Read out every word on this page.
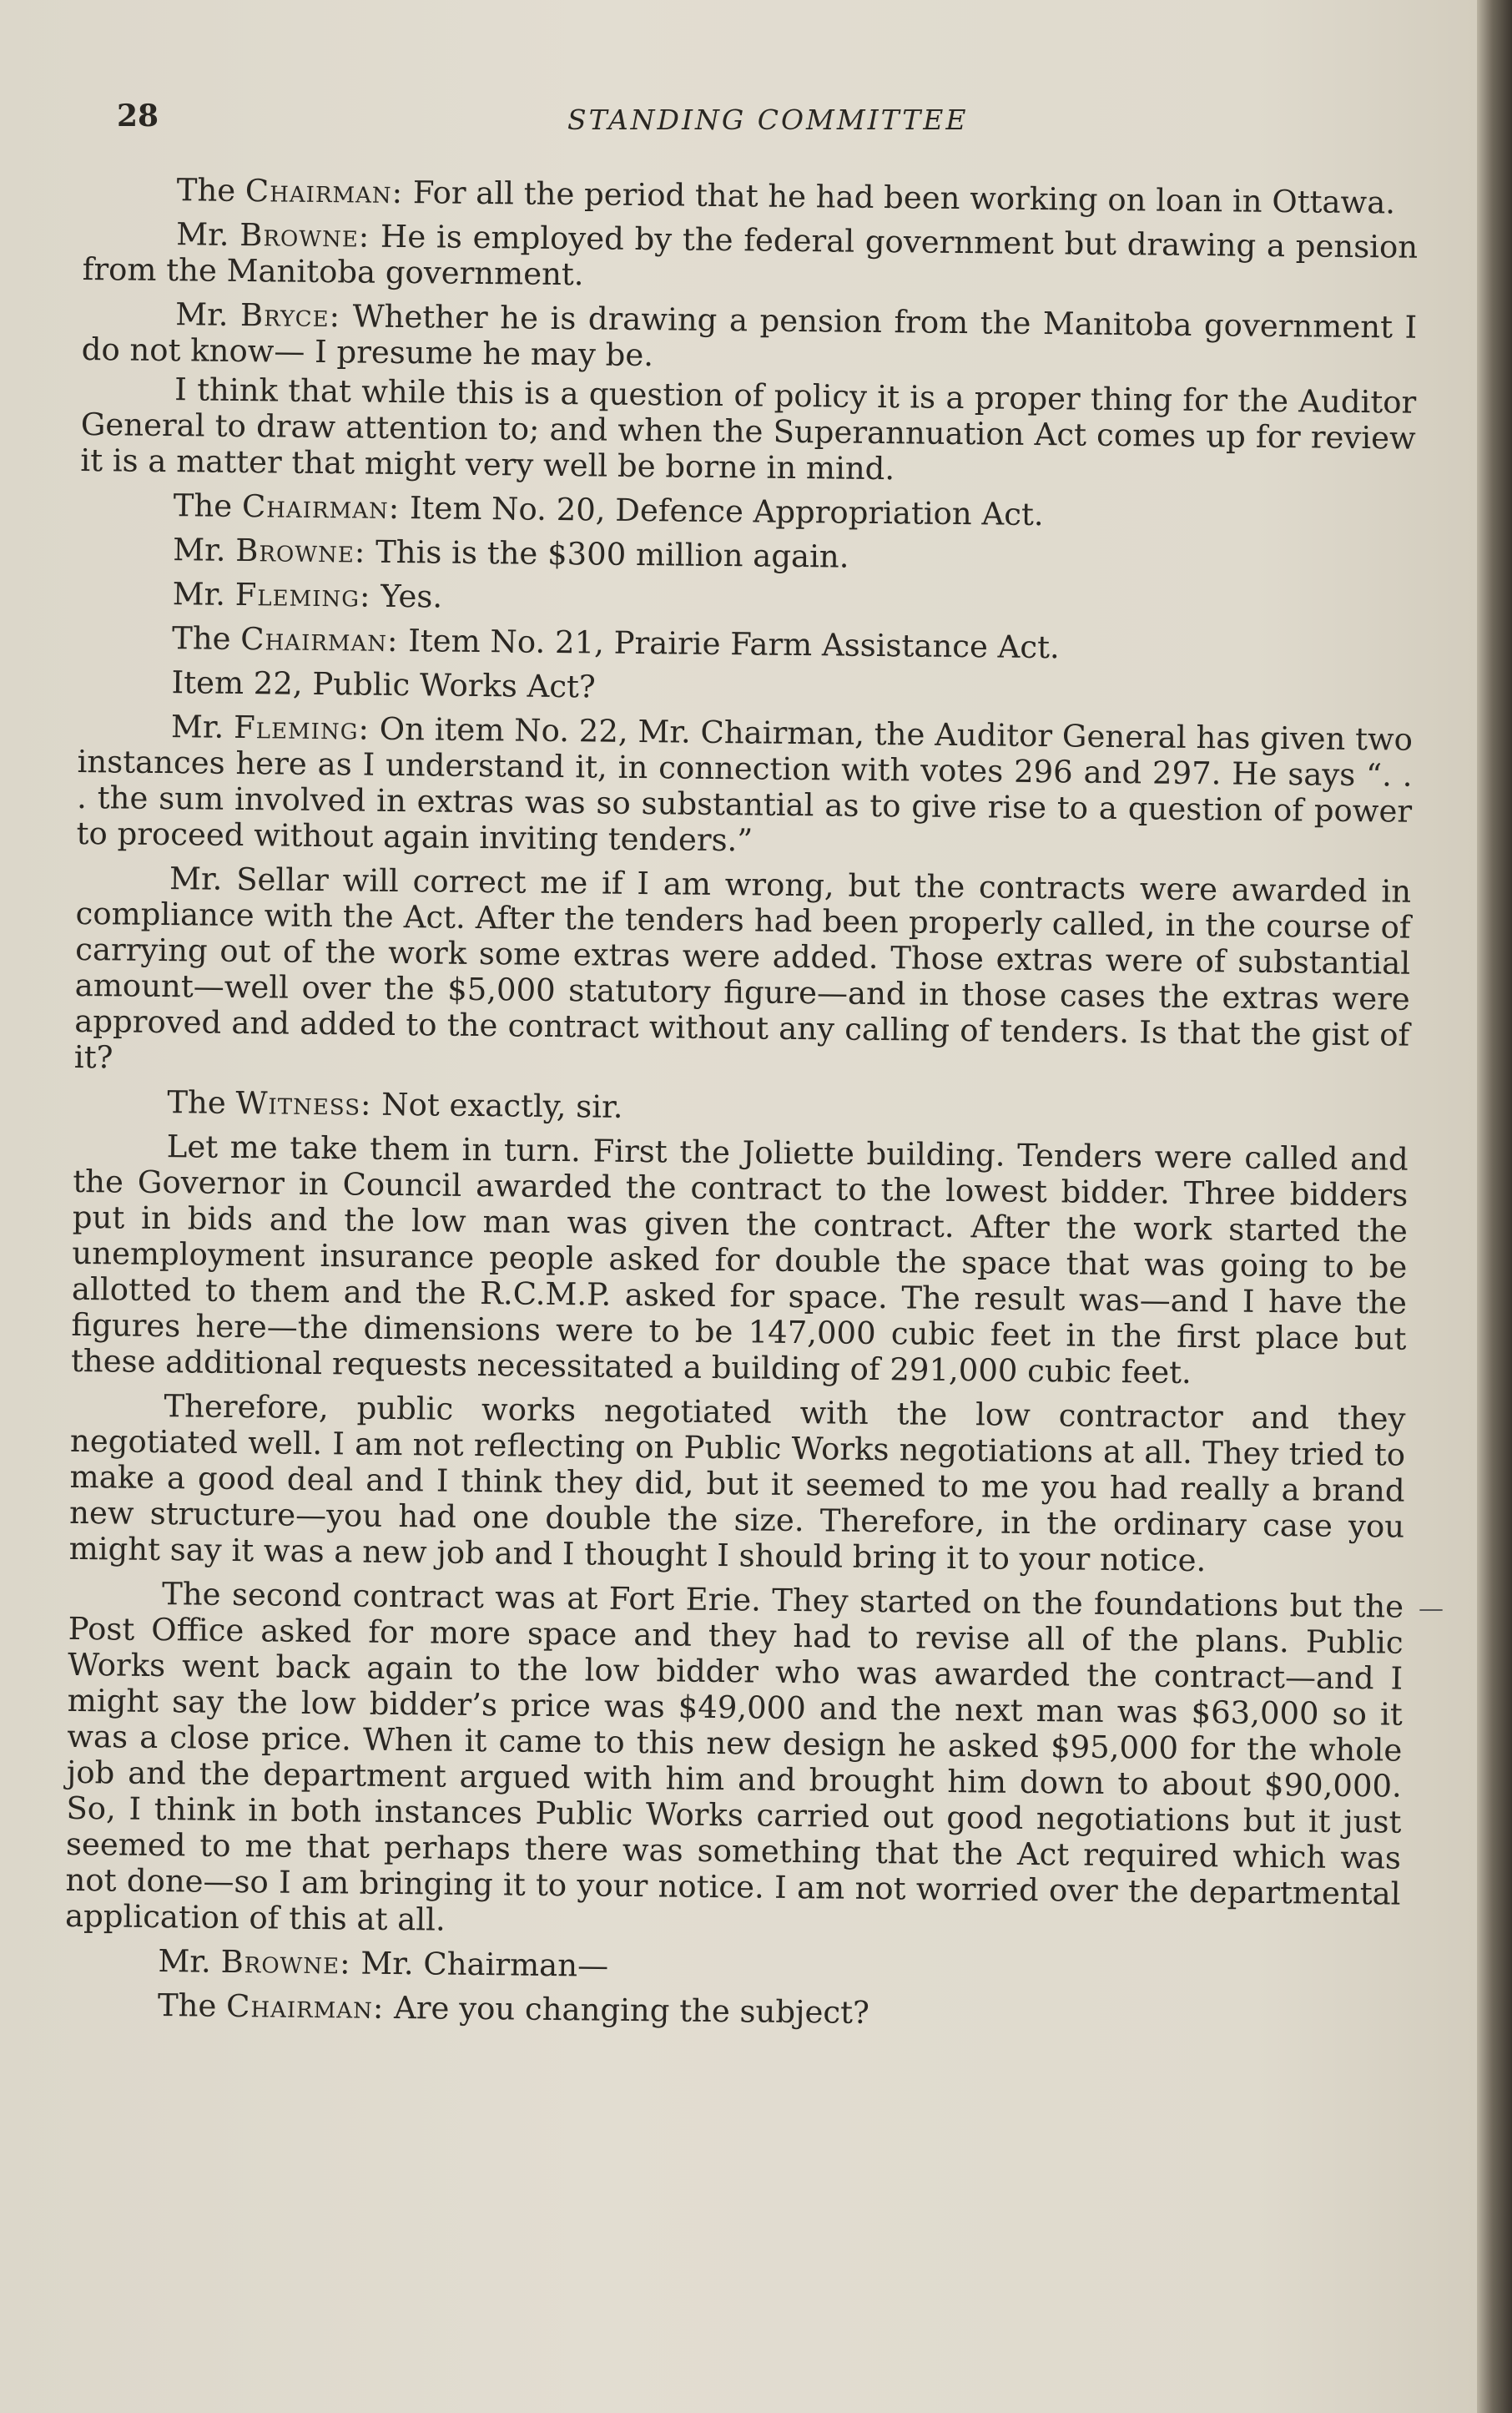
28	STANDING COMMITTEE

The Chairman: For all the period that he had been working on loan in Ottawa.

Mr. Browne: He is employed by the federal government but drawing a pension from the Manitoba government.

Mr. Bryce: Whether he is drawing a pension from the Manitoba government I do not know— I presume he may be.

I think that while this is a question of policy it is a proper thing for the Auditor General to draw attention to; and when the Superannuation Act comes up for review it is a matter that might very well be borne in mind.

The Chairman: Item No. 20, Defence Appropriation Act.

Mr. Browne: This is the $300 million again.

Mr. Fleming: Yes.

The Chairman: Item No. 21, Prairie Farm Assistance Act.

Item 22, Public Works Act?

Mr. Fleming: On item No. 22, Mr. Chairman, the Auditor General has given two instances here as I understand it, in connection with votes 296 and 297. He says “. . . the sum involved in extras was so substantial as to give rise to a question of power to proceed without again inviting tenders.”

Mr. Sellar will correct me if I am wrong, but the contracts were awarded in compliance with the Act. After the tenders had been properly called, in the course of carrying out of the work some extras were added. Those extras were of substantial amount—well over the $5,000 statutory figure—and in those cases the extras were approved and added to the contract without any calling of tenders. Is that the gist of it?

The Witness: Not exactly, sir.

Let me take them in turn. First the Joliette building. Tenders were called and the Governor in Council awarded the contract to the lowest bidder. Three bidders put in bids and the low man was given the contract. After the work started the unemployment insurance people asked for double the space that was going to be allotted to them and the R.C.M.P. asked for space. The result was—and I have the figures here—the dimensions were to be 147,000 cubic feet in the first place but these additional requests necessitated a building of 291,000 cubic feet.

Therefore, public works negotiated with the low contractor and they negotiated well. I am not reflecting on Public Works negotiations at all. They tried to make a good deal and I think they did, but it seemed to me you had really a brand new structure—you had one double the size. Therefore, in the ordinary case you might say it was a new job and I thought I should bring it to your notice.

The second contract was at Fort Erie. They started on the foundations but the Post Office asked for more space and they had to revise all of the plans. Public Works went back again to the low bidder who was awarded the contract—and I might say the low bidder’s price was $49,000 and the next man was $63,000 so it was a close price. When it came to this new design he asked $95,000 for the whole job and the department argued with him and brought him down to about $90,000. So, I think in both instances Public Works carried out good negotiations but it just seemed to me that perhaps there was something that the Act required which was not done—so I am bringing it to your notice. I am not worried over the departmental application of this at all.

Mr. Browne: Mr. Chairman—

The Chairman: Are you changing the subject?

—
